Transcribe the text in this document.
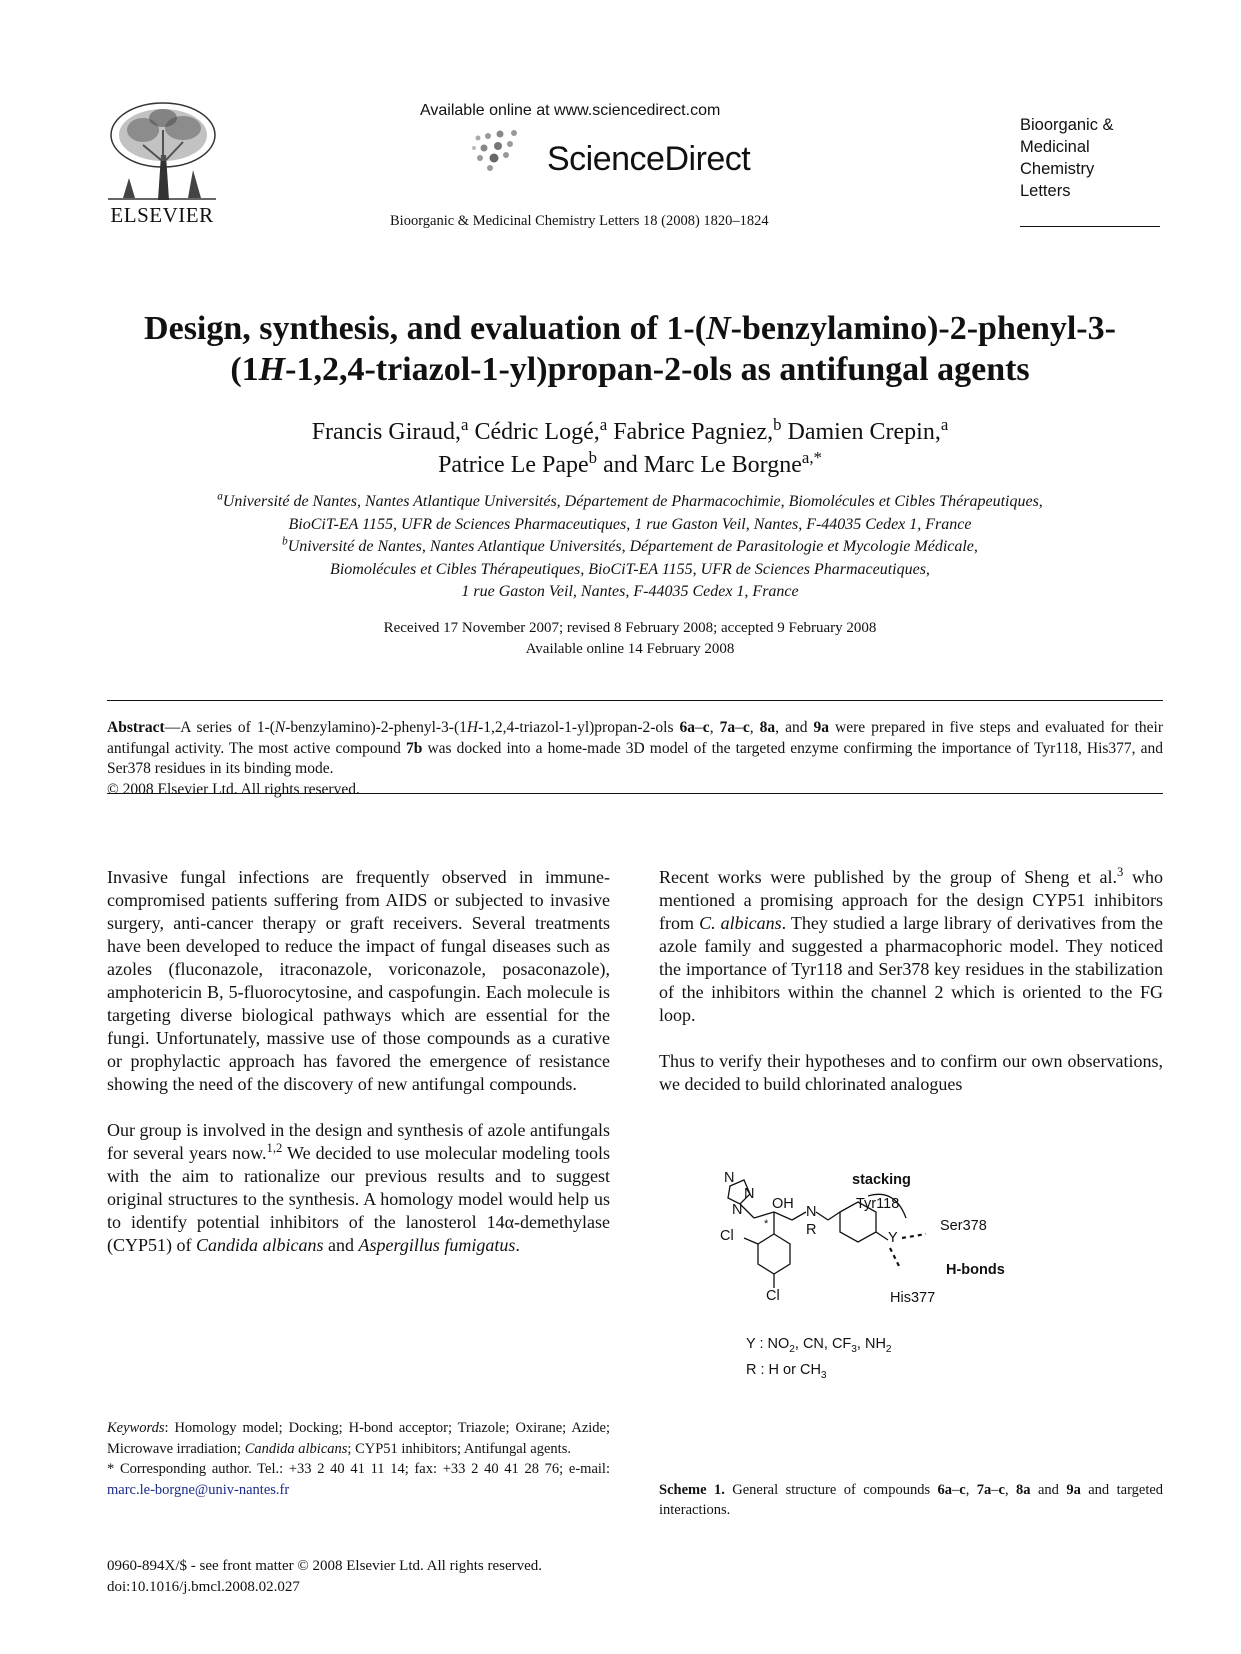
ELSEVIER
Available online at www.sciencedirect.com
ScienceDirect
Bioorganic & Medicinal Chemistry Letters 18 (2008) 1820–1824
Bioorganic &
Medicinal
Chemistry
Letters
Design, synthesis, and evaluation of 1-(N-benzylamino)-2-phenyl-3-
(1H-1,2,4-triazol-1-yl)propan-2-ols as antifungal agents
Francis Giraud,$^a$ Cédric Logé,$^a$ Fabrice Pagniez,$^b$ Damien Crepin,$^a$
Patrice Le Pape$^b$ and Marc Le Borgne$^{a,*}$
$^a$Université de Nantes, Nantes Atlantique Universités, Département de Pharmacochimie, Biomolécules et Cibles Thérapeutiques,
BioCiT-EA 1155, UFR de Sciences Pharmaceutiques, 1 rue Gaston Veil, Nantes, F-44035 Cedex 1, France
$^b$Université de Nantes, Nantes Atlantique Universités, Département de Parasitologie et Mycologie Médicale,
Biomolécules et Cibles Thérapeutiques, BioCiT-EA 1155, UFR de Sciences Pharmaceutiques,
1 rue Gaston Veil, Nantes, F-44035 Cedex 1, France
Received 17 November 2007; revised 8 February 2008; accepted 9 February 2008
Available online 14 February 2008
Abstract—A series of 1-(N-benzylamino)-2-phenyl-3-(1H-1,2,4-triazol-1-yl)propan-2-ols 6a–c, 7a–c, 8a, and 9a were prepared in five steps and evaluated for their antifungal activity. The most active compound 7b was docked into a home-made 3D model of the targeted enzyme confirming the importance of Tyr118, His377, and Ser378 residues in its binding mode.
© 2008 Elsevier Ltd. All rights reserved.

Invasive fungal infections are frequently observed in immune-compromised patients suffering from AIDS or subjected to invasive surgery, anti-cancer therapy or graft receivers. Several treatments have been developed to reduce the impact of fungal diseases such as azoles (fluconazole, itraconazole, voriconazole, posaconazole), amphotericin B, 5-fluorocytosine, and caspofungin. Each molecule is targeting diverse biological pathways which are essential for the fungi. Unfortunately, massive use of those compounds as a curative or prophylactic approach has favored the emergence of resistance showing the need of the discovery of new antifungal compounds.

Our group is involved in the design and synthesis of azole antifungals for several years now.$^{1,2}$ We decided to use molecular modeling tools with the aim to rationalize our previous results and to suggest original structures to the synthesis. A homology model would help us to identify potential inhibitors of the lanosterol 14α-demethylase (CYP51) of Candida albicans and Aspergillus fumigatus.

Recent works were published by the group of Sheng et al.$^3$ who mentioned a promising approach for the design CYP51 inhibitors from C. albicans. They studied a large library of derivatives from the azole family and suggested a pharmacophoric model. They noticed the importance of Tyr118 and Ser378 key residues in the stabilization of the inhibitors within the channel 2 which is oriented to the FG loop.

Thus to verify their hypotheses and to confirm our own observations, we decided to build chlorinated analogues

stacking
Tyr118
N
N
N OH
*
N
R	Y
Ser378
Cl
Cl
H-bonds
His377
Y : $NO_2$, CN, $CF_3$, $NH_2$
R : H or $CH_3$
Scheme 1. General structure of compounds 6a–c, 7a–c, 8a and 9a and targeted interactions.
Keywords: Homology model; Docking; H-bond acceptor; Triazole; Oxirane; Azide; Microwave irradiation; Candida albicans; CYP51 inhibitors; Antifungal agents.
* Corresponding author. Tel.: +33 2 40 41 11 14; fax: +33 2 40 41 28 76; e-mail: marc.le-borgne@univ-nantes.fr
0960-894X/$ - see front matter © 2008 Elsevier Ltd. All rights reserved.
doi:10.1016/j.bmcl.2008.02.027
